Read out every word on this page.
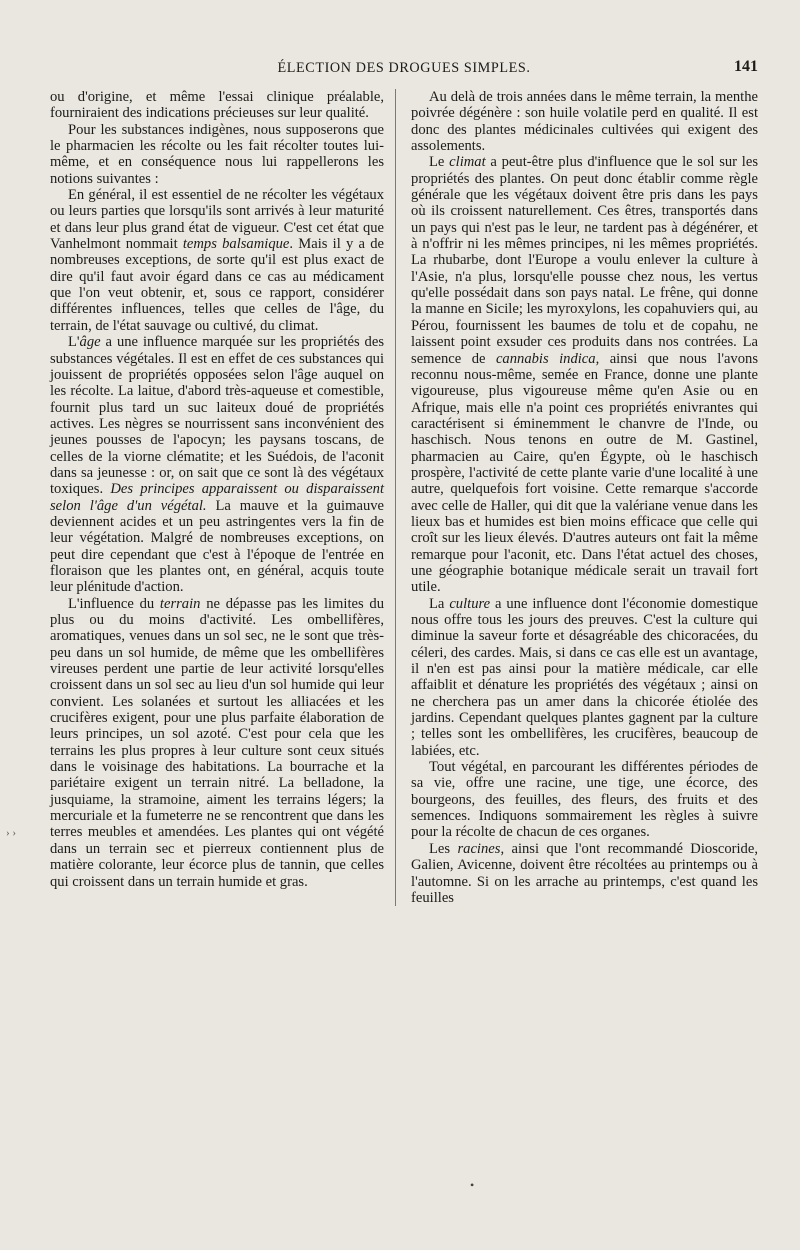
ÉLECTION DES DROGUES SIMPLES.	141

ou d'origine, et même l'essai clinique préalable, fourniraient des indications précieuses sur leur qualité.

Pour les substances indigènes, nous supposerons que le pharmacien les récolte ou les fait récolter toutes lui-même, et en conséquence nous lui rappellerons les notions suivantes :

En général, il est essentiel de ne récolter les végétaux ou leurs parties que lorsqu'ils sont arrivés à leur maturité et dans leur plus grand état de vigueur. C'est cet état que Vanhelmont nommait temps balsamique. Mais il y a de nombreuses exceptions, de sorte qu'il est plus exact de dire qu'il faut avoir égard dans ce cas au médicament que l'on veut obtenir, et, sous ce rapport, considérer différentes influences, telles que celles de l'âge, du terrain, de l'état sauvage ou cultivé, du climat.

L'âge a une influence marquée sur les propriétés des substances végétales. Il est en effet de ces substances qui jouissent de propriétés opposées selon l'âge auquel on les récolte. La laitue, d'abord très-aqueuse et comestible, fournit plus tard un suc laiteux doué de propriétés actives. Les nègres se nourrissent sans inconvénient des jeunes pousses de l'apocyn; les paysans toscans, de celles de la viorne clématite; et les Suédois, de l'aconit dans sa jeunesse : or, on sait que ce sont là des végétaux toxiques. Des principes apparaissent ou disparaissent selon l'âge d'un végétal. La mauve et la guimauve deviennent acides et un peu astringentes vers la fin de leur végétation. Malgré de nombreuses exceptions, on peut dire cependant que c'est à l'époque de l'entrée en floraison que les plantes ont, en général, acquis toute leur plénitude d'action.

L'influence du terrain ne dépasse pas les limites du plus ou du moins d'activité. Les ombellifères, aromatiques, venues dans un sol sec, ne le sont que très-peu dans un sol humide, de même que les ombellifères vireuses perdent une partie de leur activité lorsqu'elles croissent dans un sol sec au lieu d'un sol humide qui leur convient. Les solanées et surtout les alliacées et les crucifères exigent, pour une plus parfaite élaboration de leurs principes, un sol azoté. C'est pour cela que les terrains les plus propres à leur culture sont ceux situés dans le voisinage des habitations. La bourrache et la pariétaire exigent un terrain nitré. La belladone, la jusquiame, la stramoine, aiment les terrains légers; la mercuriale et la fumeterre ne se rencontrent que dans les terres meubles et amendées. Les plantes qui ont végété dans un terrain sec et pierreux contiennent plus de matière colorante, leur écorce plus de tannin, que celles qui croissent dans un terrain humide et gras.

Au delà de trois années dans le même terrain, la menthe poivrée dégénère : son huile volatile perd en qualité. Il est donc des plantes médicinales cultivées qui exigent des assolements.

Le climat a peut-être plus d'influence que le sol sur les propriétés des plantes. On peut donc établir comme règle générale que les végétaux doivent être pris dans les pays où ils croissent naturellement. Ces êtres, transportés dans un pays qui n'est pas le leur, ne tardent pas à dégénérer, et à n'offrir ni les mêmes principes, ni les mêmes propriétés. La rhubarbe, dont l'Europe a voulu enlever la culture à l'Asie, n'a plus, lorsqu'elle pousse chez nous, les vertus qu'elle possédait dans son pays natal. Le frêne, qui donne la manne en Sicile; les myroxylons, les copahuviers qui, au Pérou, fournissent les baumes de tolu et de copahu, ne laissent point exsuder ces produits dans nos contrées. La semence de cannabis indica, ainsi que nous l'avons reconnu nous-même, semée en France, donne une plante vigoureuse, plus vigoureuse même qu'en Asie ou en Afrique, mais elle n'a point ces propriétés enivrantes qui caractérisent si éminemment le chanvre de l'Inde, ou haschisch. Nous tenons en outre de M. Gastinel, pharmacien au Caire, qu'en Égypte, où le haschisch prospère, l'activité de cette plante varie d'une localité à une autre, quelquefois fort voisine. Cette remarque s'accorde avec celle de Haller, qui dit que la valériane venue dans les lieux bas et humides est bien moins efficace que celle qui croît sur les lieux élevés. D'autres auteurs ont fait la même remarque pour l'aconit, etc. Dans l'état actuel des choses, une géographie botanique médicale serait un travail fort utile.

La culture a une influence dont l'économie domestique nous offre tous les jours des preuves. C'est la culture qui diminue la saveur forte et désagréable des chicoracées, du céleri, des cardes. Mais, si dans ce cas elle est un avantage, il n'en est pas ainsi pour la matière médicale, car elle affaiblit et dénature les propriétés des végétaux ; ainsi on ne cherchera pas un amer dans la chicorée étiolée des jardins. Cependant quelques plantes gagnent par la culture ; telles sont les ombellifères, les crucifères, beaucoup de labiées, etc.

Tout végétal, en parcourant les différentes périodes de sa vie, offre une racine, une tige, une écorce, des bourgeons, des feuilles, des fleurs, des fruits et des semences. Indiquons sommairement les règles à suivre pour la récolte de chacun de ces organes.

Les racines, ainsi que l'ont recommandé Dioscoride, Galien, Avicenne, doivent être récoltées au printemps ou à l'automne. Si on les arrache au printemps, c'est quand les feuilles

› ›
•
